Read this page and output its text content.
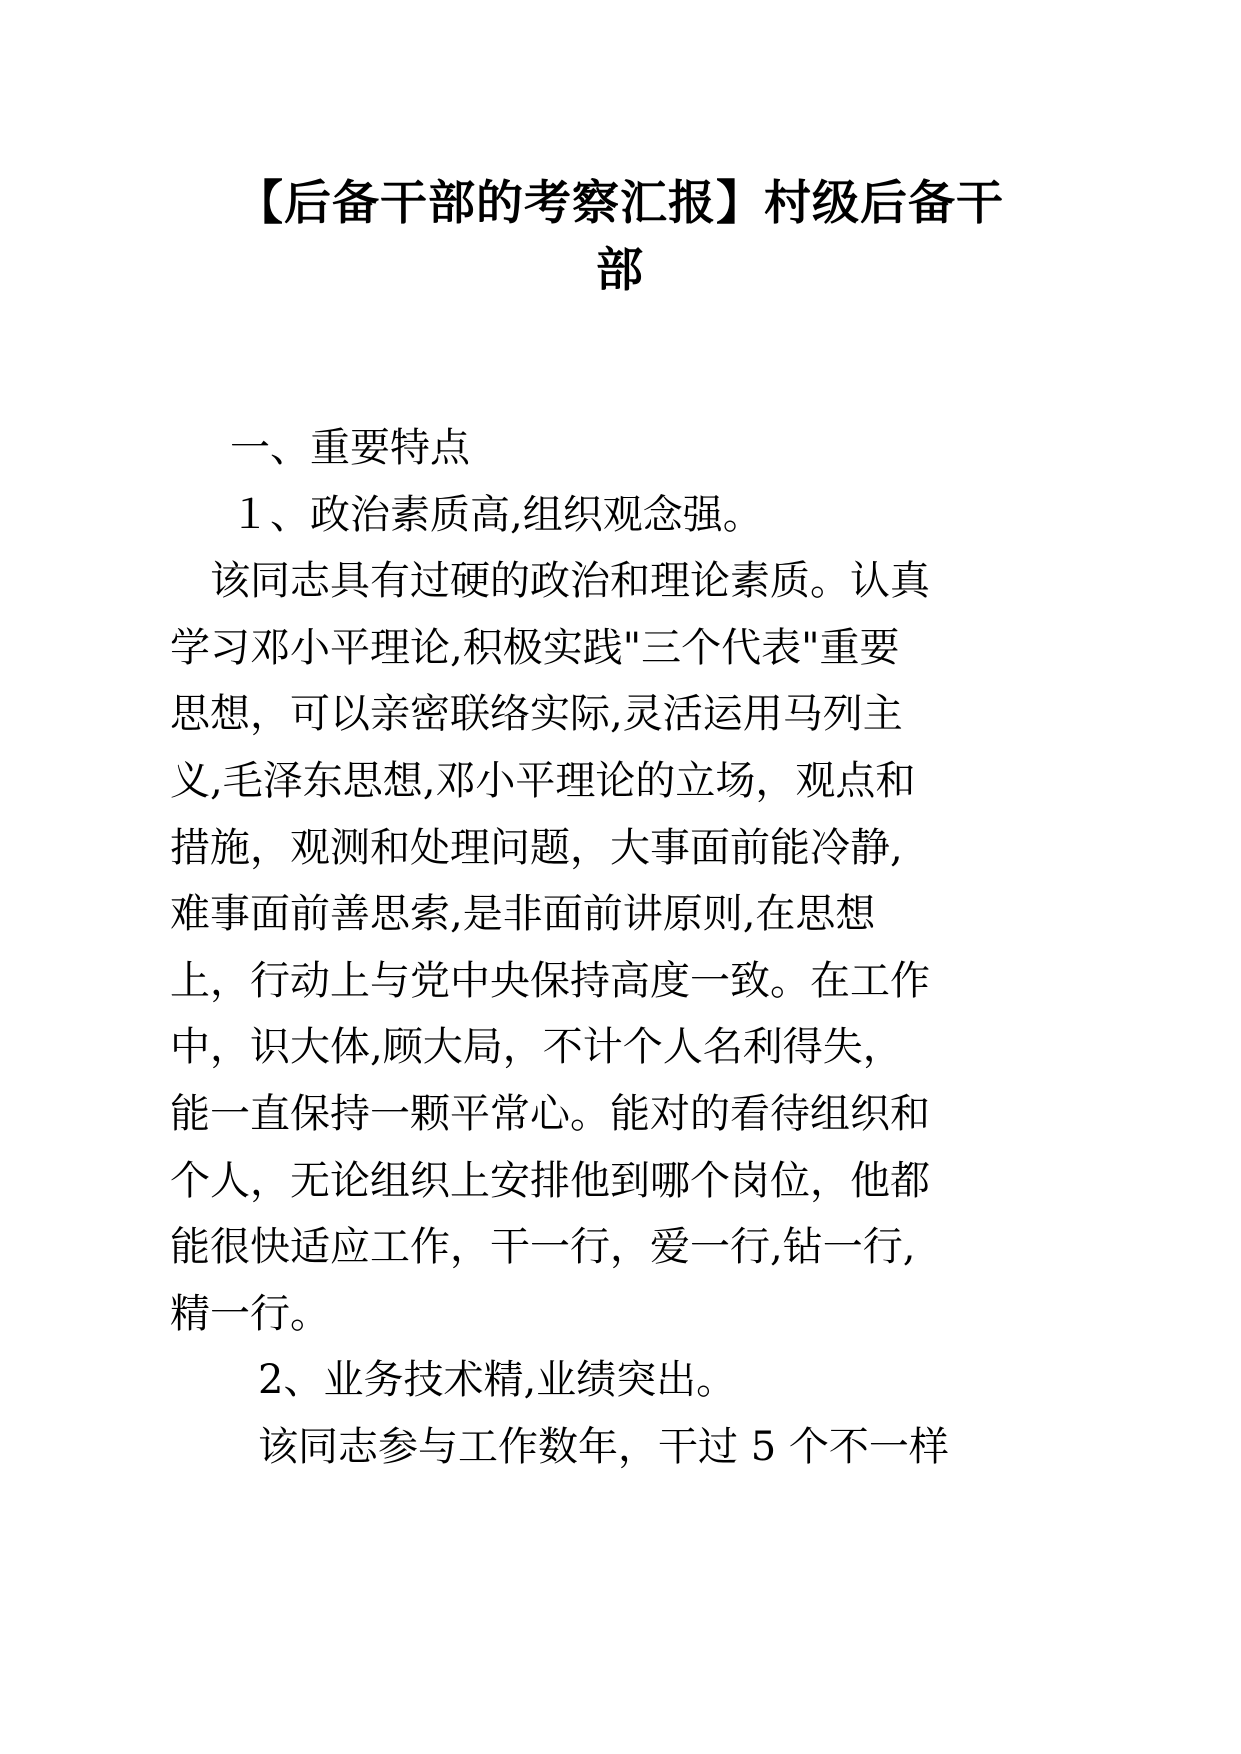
【后备干部的考察汇报】村级后备干
部
一、重要特点
１、政治素质高,组织观念强。
该同志具有过硬的政治和理论素质。认真
学习邓小平理论,积极实践"三个代表"重要
思想，可以亲密联络实际,灵活运用马列主
义,毛泽东思想,邓小平理论的立场，观点和
措施，观测和处理问题，大事面前能冷静,
难事面前善思索,是非面前讲原则,在思想
上，行动上与党中央保持高度一致。在工作
中，识大体,顾大局，不计个人名利得失，
能一直保持一颗平常心。能对的看待组织和
个人，无论组织上安排他到哪个岗位，他都
能很快适应工作，干一行，爱一行,钻一行,
精一行。
2、业务技术精,业绩突出。
该同志参与工作数年，干过 5 个不一样
